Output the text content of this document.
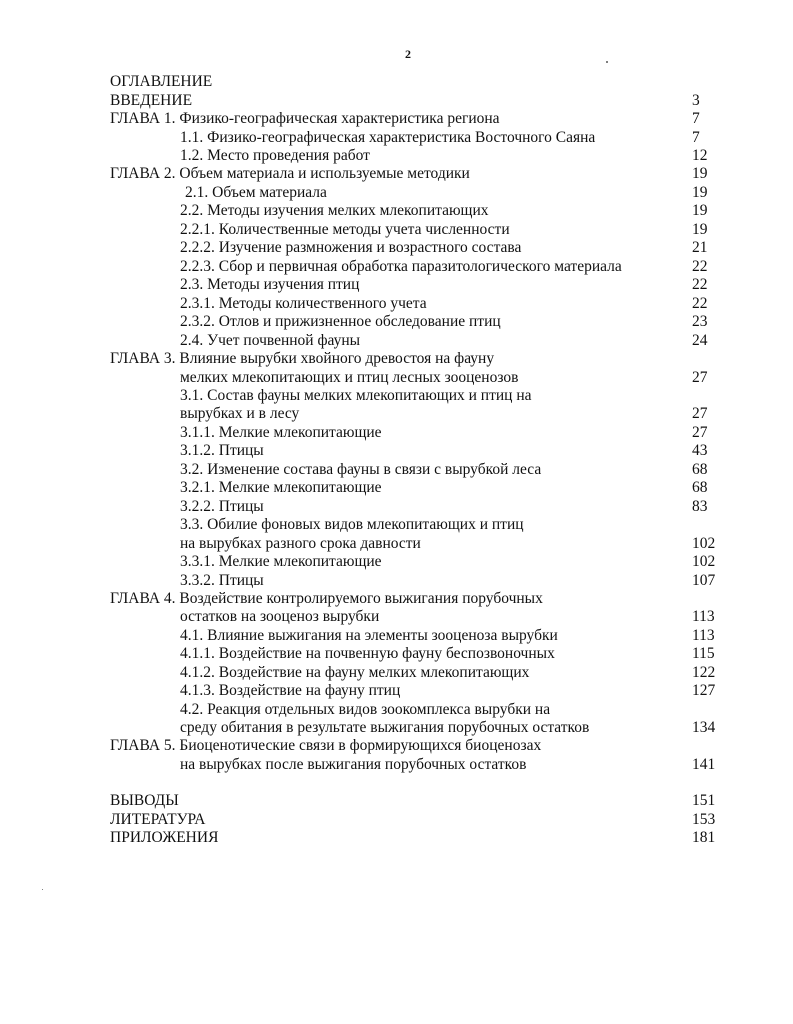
2
ОГЛАВЛЕНИЕ
ВВЕДЕНИЕ	3
ГЛАВА 1. Физико-географическая характеристика региона	7
1.1. Физико-географическая характеристика Восточного Саяна	7
1.2. Место проведения работ	12
ГЛАВА 2. Объем материала и используемые методики	19
2.1. Объем материала	19
2.2. Методы изучения мелких млекопитающих	19
2.2.1. Количественные методы учета численности	19
2.2.2. Изучение размножения и возрастного состава	21
2.2.3. Сбор и первичная обработка паразитологического материала	22
2.3. Методы изучения птиц	22
2.3.1. Методы количественного учета	22
2.3.2. Отлов и прижизненное обследование птиц	23
2.4. Учет почвенной фауны	24
ГЛАВА 3. Влияние вырубки хвойного древостоя на фауну
мелких млекопитающих и птиц лесных зооценозов	27
3.1. Состав фауны мелких млекопитающих и птиц на
вырубках и в лесу	27
3.1.1. Мелкие млекопитающие	27
3.1.2. Птицы	43
3.2. Изменение состава фауны в связи с вырубкой леса	68
3.2.1. Мелкие млекопитающие	68
3.2.2. Птицы	83
3.3. Обилие фоновых видов млекопитающих и птиц
на вырубках разного срока давности	102
3.3.1. Мелкие млекопитающие	102
3.3.2. Птицы	107
ГЛАВА 4. Воздействие контролируемого выжигания порубочных
остатков на зооценоз вырубки	113
4.1. Влияние выжигания на элементы зооценоза вырубки	113
4.1.1. Воздействие на почвенную фауну беспозвоночных	115
4.1.2. Воздействие на фауну мелких млекопитающих	122
4.1.3. Воздействие на фауну птиц	127
4.2. Реакция отдельных видов зоокомплекса вырубки на
среду обитания в результате выжигания порубочных остатков	134
ГЛАВА 5. Биоценотические связи в формирующихся биоценозах
на вырубках после выжигания порубочных остатков	141
ВЫВОДЫ	151
ЛИТЕРАТУРА	153
ПРИЛОЖЕНИЯ	181
